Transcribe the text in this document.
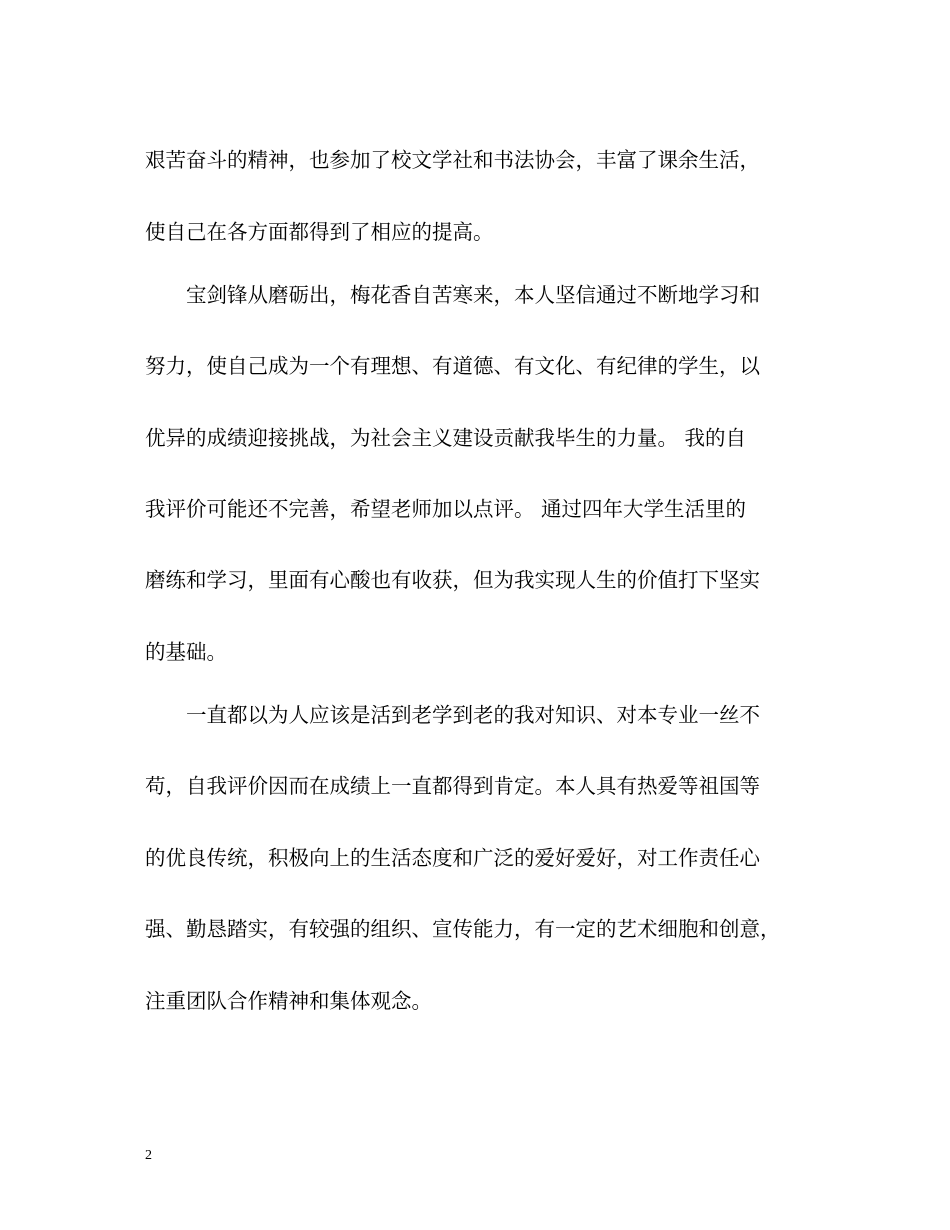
艰苦奋斗的精神，也参加了校文学社和书法协会，丰富了课余生活，
使自己在各方面都得到了相应的提高。
宝剑锋从磨砺出，梅花香自苦寒来，本人坚信通过不断地学习和
努力，使自己成为一个有理想、有道德、有文化、有纪律的学生，以
优异的成绩迎接挑战，为社会主义建设贡献我毕生的力量。 我的自
我评价可能还不完善，希望老师加以点评。 通过四年大学生活里的
磨练和学习，里面有心酸也有收获，但为我实现人生的价值打下坚实
的基础。
一直都以为人应该是活到老学到老的我对知识、对本专业一丝不
苟，自我评价因而在成绩上一直都得到肯定。本人具有热爱等祖国等
的优良传统，积极向上的生活态度和广泛的爱好爱好，对工作责任心
强、勤恳踏实，有较强的组织、宣传能力，有一定的艺术细胞和创意，
注重团队合作精神和集体观念。
2
